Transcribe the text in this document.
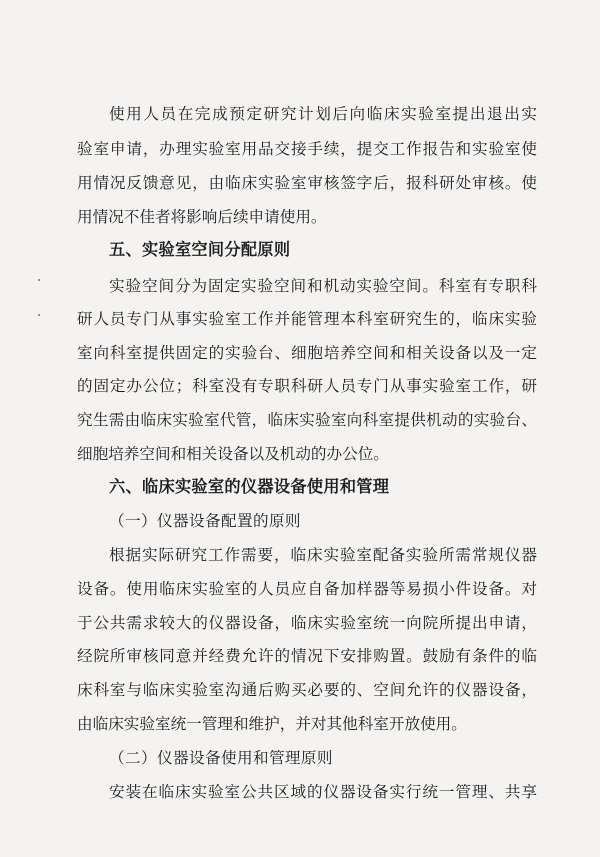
使用人员在完成预定研究计划后向临床实验室提出退出实
验室申请，办理实验室用品交接手续，提交工作报告和实验室使
用情况反馈意见，由临床实验室审核签字后，报科研处审核。使
用情况不佳者将影响后续申请使用。
五、实验室空间分配原则
实验空间分为固定实验空间和机动实验空间。科室有专职科
研人员专门从事实验室工作并能管理本科室研究生的，临床实验
室向科室提供固定的实验台、细胞培养空间和相关设备以及一定
的固定办公位；科室没有专职科研人员专门从事实验室工作，研
究生需由临床实验室代管，临床实验室向科室提供机动的实验台、
细胞培养空间和相关设备以及机动的办公位。
六、临床实验室的仪器设备使用和管理
（一）仪器设备配置的原则
根据实际研究工作需要，临床实验室配备实验所需常规仪器
设备。使用临床实验室的人员应自备加样器等易损小件设备。对
于公共需求较大的仪器设备，临床实验室统一向院所提出申请，
经院所审核同意并经费允许的情况下安排购置。鼓励有条件的临
床科室与临床实验室沟通后购买必要的、空间允许的仪器设备，
由临床实验室统一管理和维护，并对其他科室开放使用。
（二）仪器设备使用和管理原则
安装在临床实验室公共区域的仪器设备实行统一管理、共享
